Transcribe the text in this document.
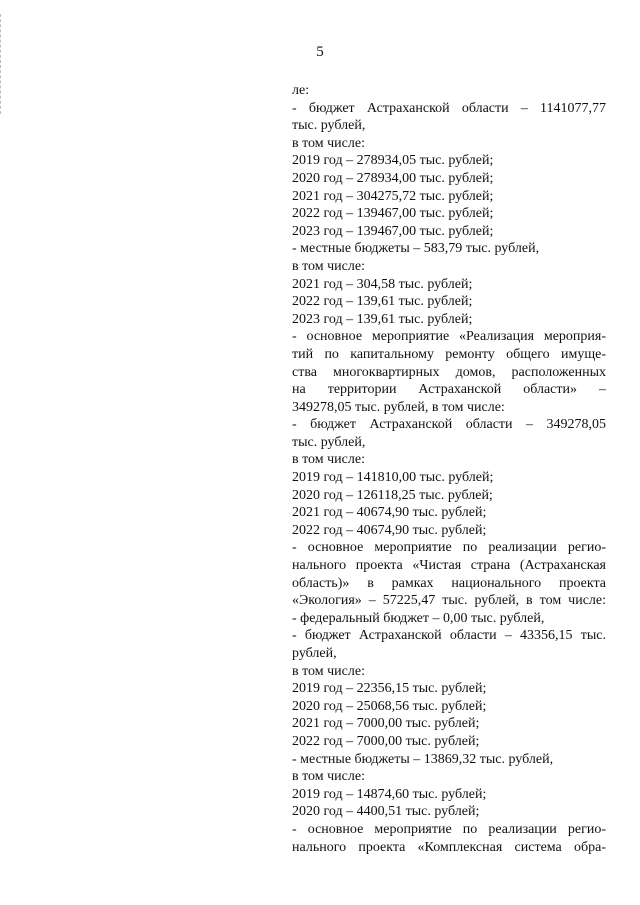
5
ле:
- бюджет Астраханской области – 1141077,77
тыс. рублей,
в том числе:
2019 год – 278934,05 тыс. рублей;
2020 год – 278934,00 тыс. рублей;
2021 год – 304275,72 тыс. рублей;
2022 год – 139467,00 тыс. рублей;
2023 год – 139467,00 тыс. рублей;
- местные бюджеты – 583,79 тыс. рублей,
в том числе:
2021 год – 304,58 тыс. рублей;
2022 год – 139,61 тыс. рублей;
2023 год – 139,61 тыс. рублей;
- основное мероприятие «Реализация мероприя-
тий по капитальному ремонту общего имуще-
ства многоквартирных домов, расположенных
на территории Астраханской области» –
349278,05 тыс. рублей, в том числе:
- бюджет Астраханской области – 349278,05
тыс. рублей,
в том числе:
2019 год – 141810,00 тыс. рублей;
2020 год – 126118,25 тыс. рублей;
2021 год – 40674,90 тыс. рублей;
2022 год – 40674,90 тыс. рублей;
- основное мероприятие по реализации регио-
нального проекта «Чистая страна (Астраханская
область)» в рамках национального проекта
«Экология» – 57225,47 тыс. рублей, в том числе:
- федеральный бюджет – 0,00 тыс. рублей,
- бюджет Астраханской области – 43356,15 тыс.
рублей,
в том числе:
2019 год – 22356,15 тыс. рублей;
2020 год – 25068,56 тыс. рублей;
2021 год – 7000,00 тыс. рублей;
2022 год – 7000,00 тыс. рублей;
- местные бюджеты – 13869,32 тыс. рублей,
в том числе:
2019 год – 14874,60 тыс. рублей;
2020 год – 4400,51 тыс. рублей;
- основное мероприятие по реализации регио-
нального проекта «Комплексная система обра-
